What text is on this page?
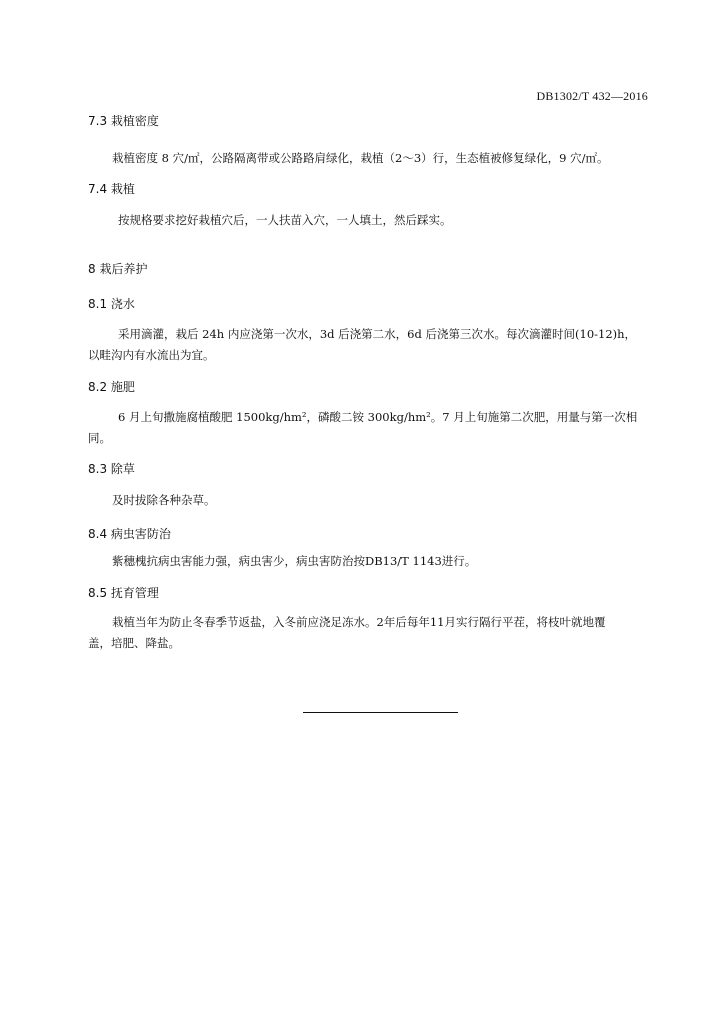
DB1302/T 432—2016
7.3 栽植密度
栽植密度 8 穴/㎡，公路隔离带或公路路肩绿化，栽植（2～3）行，生态植被修复绿化，9 穴/㎡。
7.4 栽植
按规格要求挖好栽植穴后，一人扶苗入穴，一人填土，然后踩实。
8 栽后养护
8.1 浇水
采用滴灌，栽后 24h 内应浇第一次水，3d 后浇第二水，6d 后浇第三次水。每次滴灌时间(10-12)h，
以畦沟内有水流出为宜。
8.2 施肥
6 月上旬撒施腐植酸肥 1500kg/hm²，磷酸二铵 300kg/hm²。7 月上旬施第二次肥，用量与第一次相
同。
8.3 除草
及时拔除各种杂草。
8.4 病虫害防治
紫穗槐抗病虫害能力强，病虫害少，病虫害防治按DB13/T 1143进行。
8.5 抚育管理
栽植当年为防止冬春季节返盐，入冬前应浇足冻水。2年后每年11月实行隔行平茬，将枝叶就地覆
盖，培肥、降盐。
